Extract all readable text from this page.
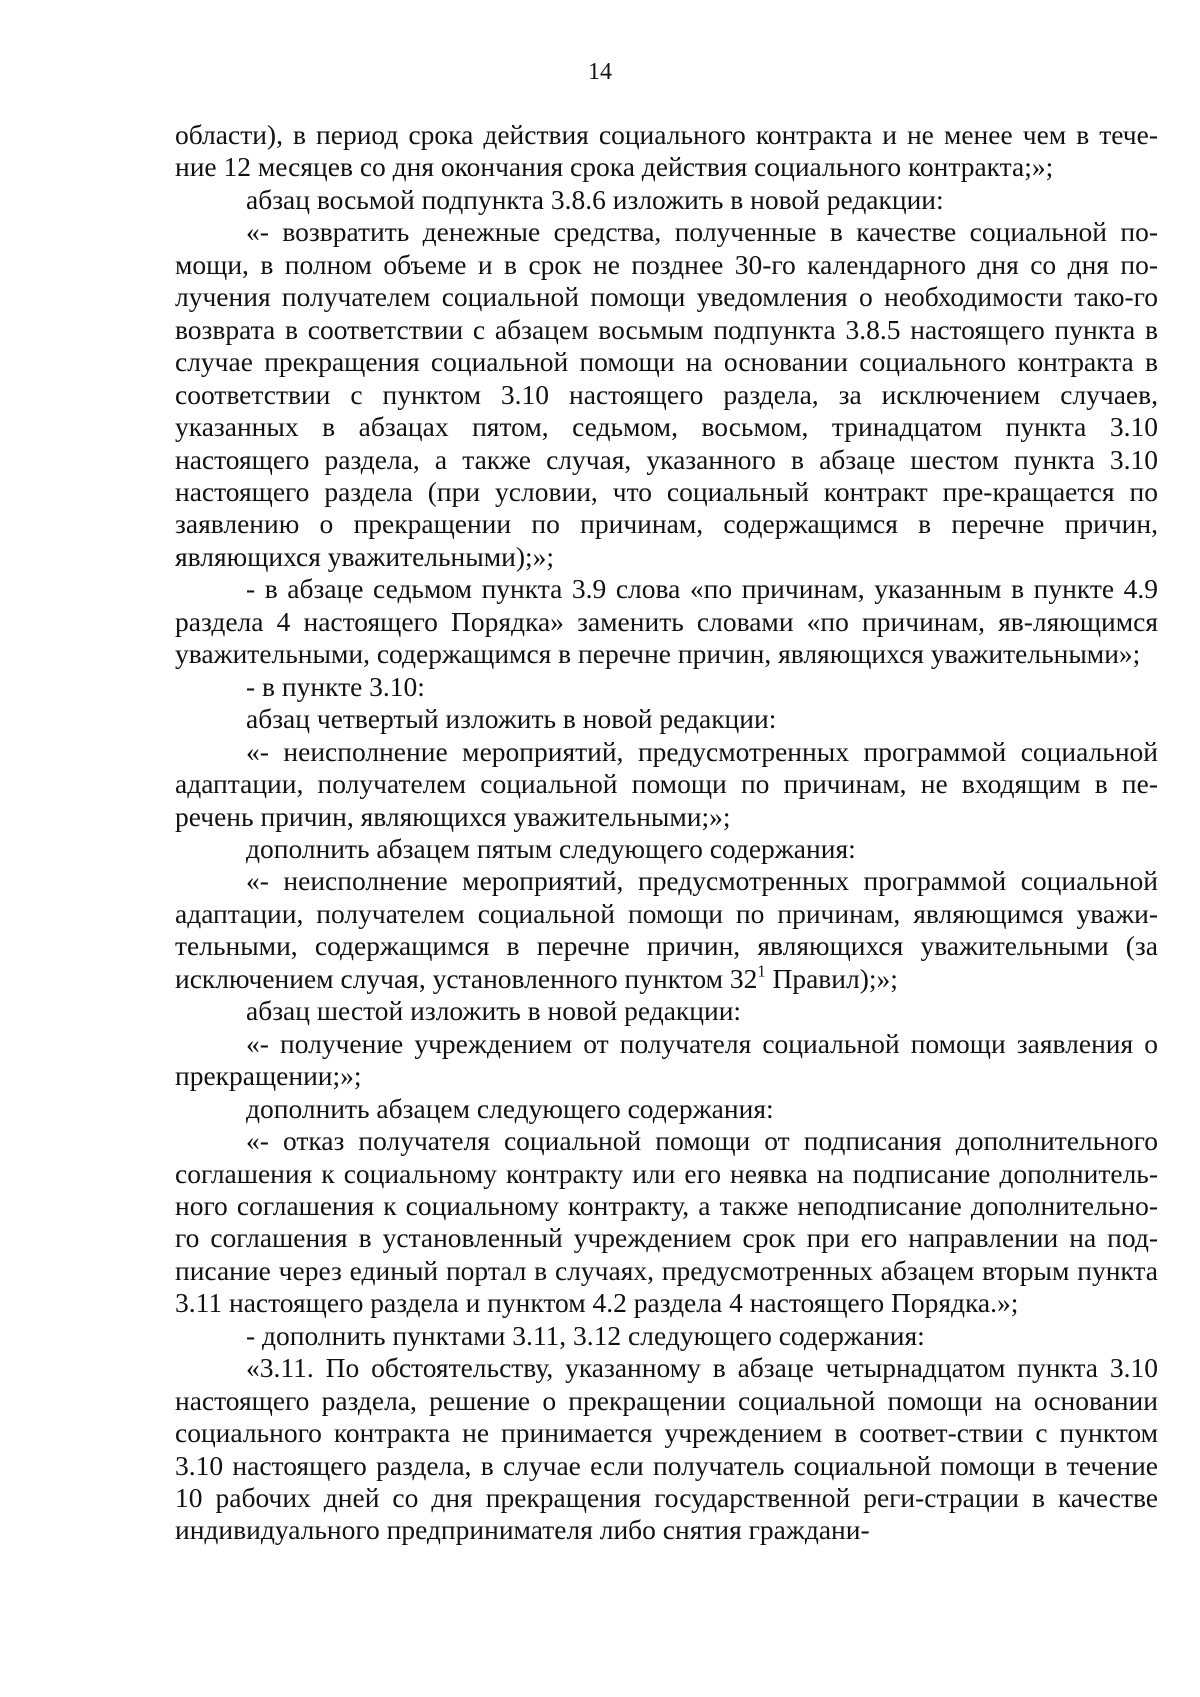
14

области), в период срока действия социального контракта и не менее чем в тече-ние 12 месяцев со дня окончания срока действия социального контракта;»;

абзац восьмой подпункта 3.8.6 изложить в новой редакции:

«- возвратить денежные средства, полученные в качестве социальной по-мощи, в полном объеме и в срок не позднее 30-го календарного дня со дня по-лучения получателем социальной помощи уведомления о необходимости тако-го возврата в соответствии с абзацем восьмым подпункта 3.8.5 настоящего пункта в случае прекращения социальной помощи на основании социального контракта в соответствии с пунктом 3.10 настоящего раздела, за исключением случаев, указанных в абзацах пятом, седьмом, восьмом, тринадцатом пункта 3.10 настоящего раздела, а также случая, указанного в абзаце шестом пункта 3.10 настоящего раздела (при условии, что социальный контракт пре-кращается по заявлению о прекращении по причинам, содержащимся в перечне причин, являющихся уважительными);»;

- в абзаце седьмом пункта 3.9 слова «по причинам, указанным в пункте 4.9 раздела 4 настоящего Порядка» заменить словами «по причинам, яв-ляющимся уважительными, содержащимся в перечне причин, являющихся уважительными»;

- в пункте 3.10:

абзац четвертый изложить в новой редакции:

«- неисполнение мероприятий, предусмотренных программой социальной адаптации, получателем социальной помощи по причинам, не входящим в пе-речень причин, являющихся уважительными;»;

дополнить абзацем пятым следующего содержания:

«- неисполнение мероприятий, предусмотренных программой социальной адаптации, получателем социальной помощи по причинам, являющимся уважи-тельными, содержащимся в перечне причин, являющихся уважительными (за исключением случая, установленного пунктом $32^1$ Правил);»;

абзац шестой изложить в новой редакции:

«- получение учреждением от получателя социальной помощи заявления о прекращении;»;

дополнить абзацем следующего содержания:

«- отказ получателя социальной помощи от подписания дополнительного соглашения к социальному контракту или его неявка на подписание дополнитель-ного соглашения к социальному контракту, а также неподписание дополнительно-го соглашения в установленный учреждением срок при его направлении на под-писание через единый портал в случаях, предусмотренных абзацем вторым пункта 3.11 настоящего раздела и пунктом 4.2 раздела 4 настоящего Порядка.»;

- дополнить пунктами 3.11, 3.12 следующего содержания:

«3.11. По обстоятельству, указанному в абзаце четырнадцатом пункта 3.10 настоящего раздела, решение о прекращении социальной помощи на основании социального контракта не принимается учреждением в соответ-ствии с пунктом 3.10 настоящего раздела, в случае если получатель социальной помощи в течение 10 рабочих дней со дня прекращения государственной реги-страции в качестве индивидуального предпринимателя либо снятия граждани-
